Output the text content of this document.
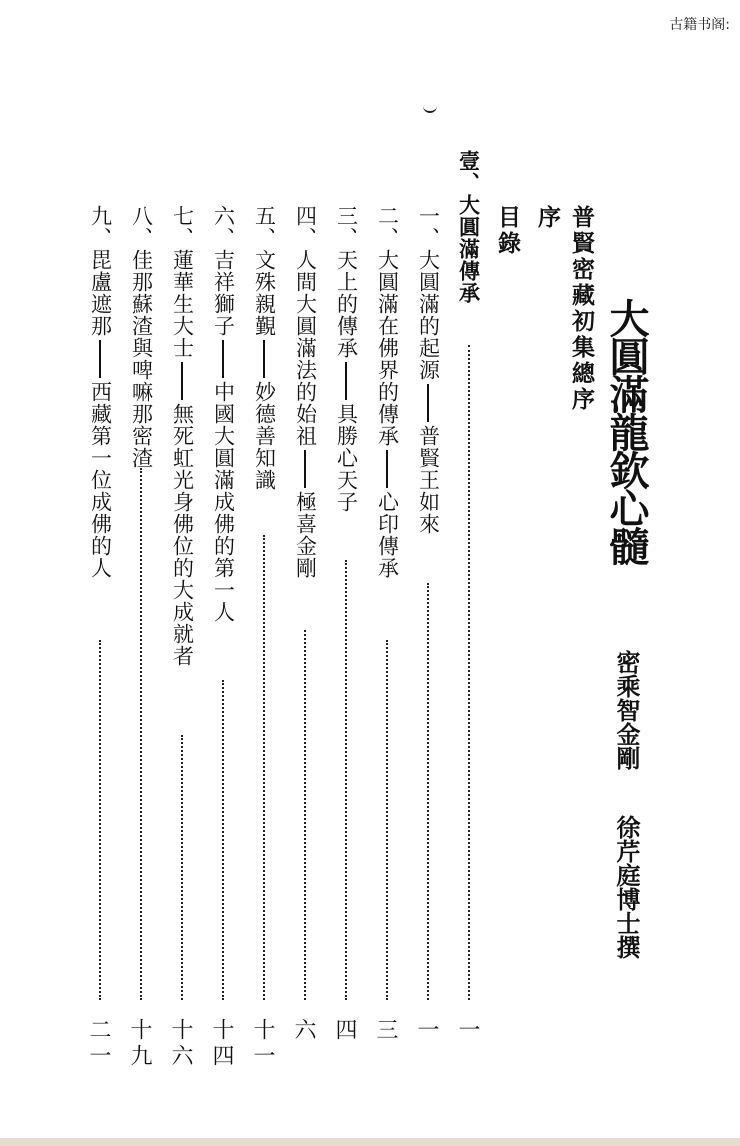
古籍书阁:
大圓滿龍欽心髓
密乘智金剛
徐芹庭博士撰
普賢密藏初集總序
序
目錄
壹、大圓滿傳承
一
一、大圓滿的起源
普賢王如來
一
二、大圓滿在佛界的傳承
心印傳承
三
三、天上的傳承
具勝心天子
四
四、人間大圓滿法的始祖
極喜金剛
六
五、文殊親覲
妙德善知識
十一
六、吉祥獅子
中國大圓滿成佛的第一人
十四
七、蓮華生大士
無死虹光身佛位的大成就者
十六
八、佳那蘇渣與啤嘛那密渣
十九
九、毘盧遮那
西藏第一位成佛的人
二一
